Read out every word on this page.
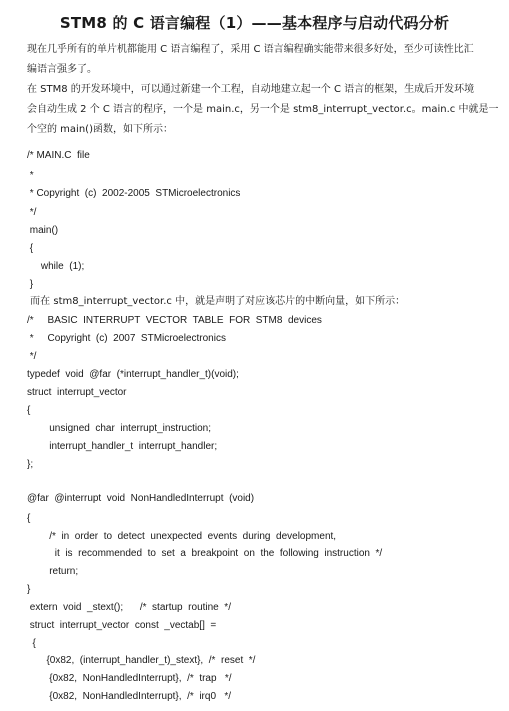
STM8 的 C 语言编程（1）——基本程序与启动代码分析

现在几乎所有的单片机都能用 C 语言编程了，采用 C 语言编程确实能带来很多好处，至少可读性比汇

编语言强多了。

在 STM8 的开发环境中，可以通过新建一个工程，自动地建立起一个 C 语言的框架，生成后开发环境

会自动生成 2 个 C 语言的程序，一个是 main.c，另一个是 stm8_interrupt_vector.c。main.c 中就是一

个空的 main()函数，如下所示：

/* MAIN.C  file
*
* Copyright  (c)  2002-2005  STMicroelectronics
*/
main()
{
while  (1);
}
而在 stm8_interrupt_vector.c 中，就是声明了对应该芯片的中断向量，如下所示：
/*     BASIC  INTERRUPT  VECTOR  TABLE  FOR  STM8  devices
*     Copyright  (c)  2007  STMicroelectronics
*/
typedef  void  @far  (*interrupt_handler_t)(void);
struct  interrupt_vector
{
unsigned  char  interrupt_instruction;
interrupt_handler_t  interrupt_handler;
};
@far  @interrupt  void  NonHandledInterrupt  (void)
{
/*  in  order  to  detect  unexpected  events  during  development,
it  is  recommended  to  set  a  breakpoint  on  the  following  instruction  */
return;
}
extern  void  _stext();      /*  startup  routine  */
struct  interrupt_vector  const  _vectab[]  =
{
{0x82,  (interrupt_handler_t)_stext},  /*  reset  */
{0x82,  NonHandledInterrupt},  /*  trap   */
{0x82,  NonHandledInterrupt},  /*  irq0   */
